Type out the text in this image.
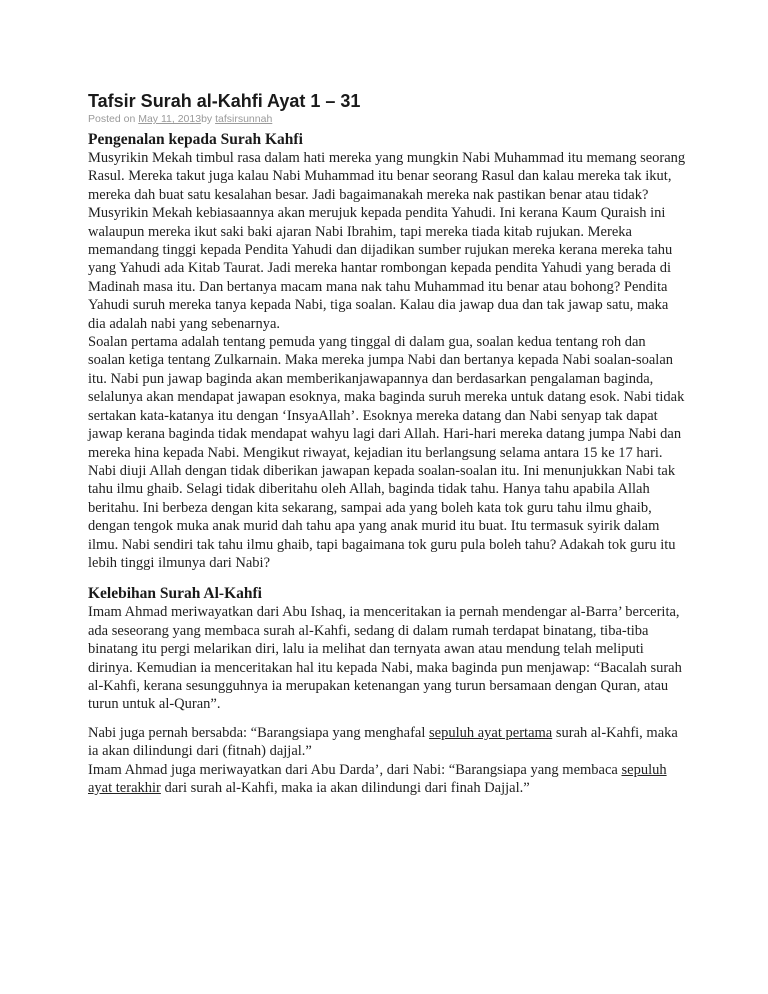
Tafsir Surah al-Kahfi Ayat 1 – 31
Posted on May 11, 2013by tafsirsunnah
Pengenalan kepada Surah Kahfi

Musyrikin Mekah timbul rasa dalam hati mereka yang mungkin Nabi Muhammad itu memang seorang Rasul. Mereka takut juga kalau Nabi Muhammad itu benar seorang Rasul dan kalau mereka tak ikut, mereka dah buat satu kesalahan besar. Jadi bagaimanakah mereka nak pastikan benar atau tidak? Musyrikin Mekah kebiasaannya akan merujuk kepada pendita Yahudi. Ini kerana Kaum Quraish ini walaupun mereka ikut saki baki ajaran Nabi Ibrahim, tapi mereka tiada kitab rujukan. Mereka memandang tinggi kepada Pendita Yahudi dan dijadikan sumber rujukan mereka kerana mereka tahu yang Yahudi ada Kitab Taurat. Jadi mereka hantar rombongan kepada pendita Yahudi yang berada di Madinah masa itu. Dan bertanya macam mana nak tahu Muhammad itu benar atau bohong? Pendita Yahudi suruh mereka tanya kepada Nabi, tiga soalan. Kalau dia jawap dua dan tak jawap satu, maka dia adalah nabi yang sebenarnya.

Soalan pertama adalah tentang pemuda yang tinggal di dalam gua, soalan kedua tentang roh dan soalan ketiga tentang Zulkarnain. Maka mereka jumpa Nabi dan bertanya kepada Nabi soalan-soalan itu. Nabi pun jawap baginda akan memberikanjawapannya dan berdasarkan pengalaman baginda, selalunya akan mendapat jawapan esoknya, maka baginda suruh mereka untuk datang esok. Nabi tidak sertakan kata-katanya itu dengan ‘InsyaAllah’. Esoknya mereka datang dan Nabi senyap tak dapat jawap kerana baginda tidak mendapat wahyu lagi dari Allah. Hari-hari mereka datang jumpa Nabi dan mereka hina kepada Nabi. Mengikut riwayat, kejadian itu berlangsung selama antara 15 ke 17 hari. Nabi diuji Allah dengan tidak diberikan jawapan kepada soalan-soalan itu. Ini menunjukkan Nabi tak tahu ilmu ghaib. Selagi tidak diberitahu oleh Allah, baginda tidak tahu. Hanya tahu apabila Allah beritahu. Ini berbeza dengan kita sekarang, sampai ada yang boleh kata tok guru tahu ilmu ghaib, dengan tengok muka anak murid dah tahu apa yang anak murid itu buat. Itu termasuk syirik dalam ilmu. Nabi sendiri tak tahu ilmu ghaib, tapi bagaimana tok guru pula boleh tahu? Adakah tok guru itu lebih tinggi ilmunya dari Nabi?

Kelebihan Surah Al-Kahfi

Imam Ahmad meriwayatkan dari Abu Ishaq, ia menceritakan ia pernah mendengar al-Barra’ bercerita, ada seseorang yang membaca surah al-Kahfi, sedang di dalam rumah terdapat binatang, tiba-tiba binatang itu pergi melarikan diri, lalu ia melihat dan ternyata awan atau mendung telah meliputi dirinya. Kemudian ia menceritakan hal itu kepada Nabi, maka baginda pun menjawap: “Bacalah surah al-Kahfi, kerana sesungguhnya ia merupakan ketenangan yang turun bersamaan dengan Quran, atau turun untuk al-Quran”.

Nabi juga pernah bersabda: “Barangsiapa yang menghafal sepuluh ayat pertama surah al-Kahfi, maka ia akan dilindungi dari (fitnah) dajjal.”

Imam Ahmad juga meriwayatkan dari Abu Darda’, dari Nabi: “Barangsiapa yang membaca sepuluh ayat terakhir dari surah al-Kahfi, maka ia akan dilindungi dari finah Dajjal.”
